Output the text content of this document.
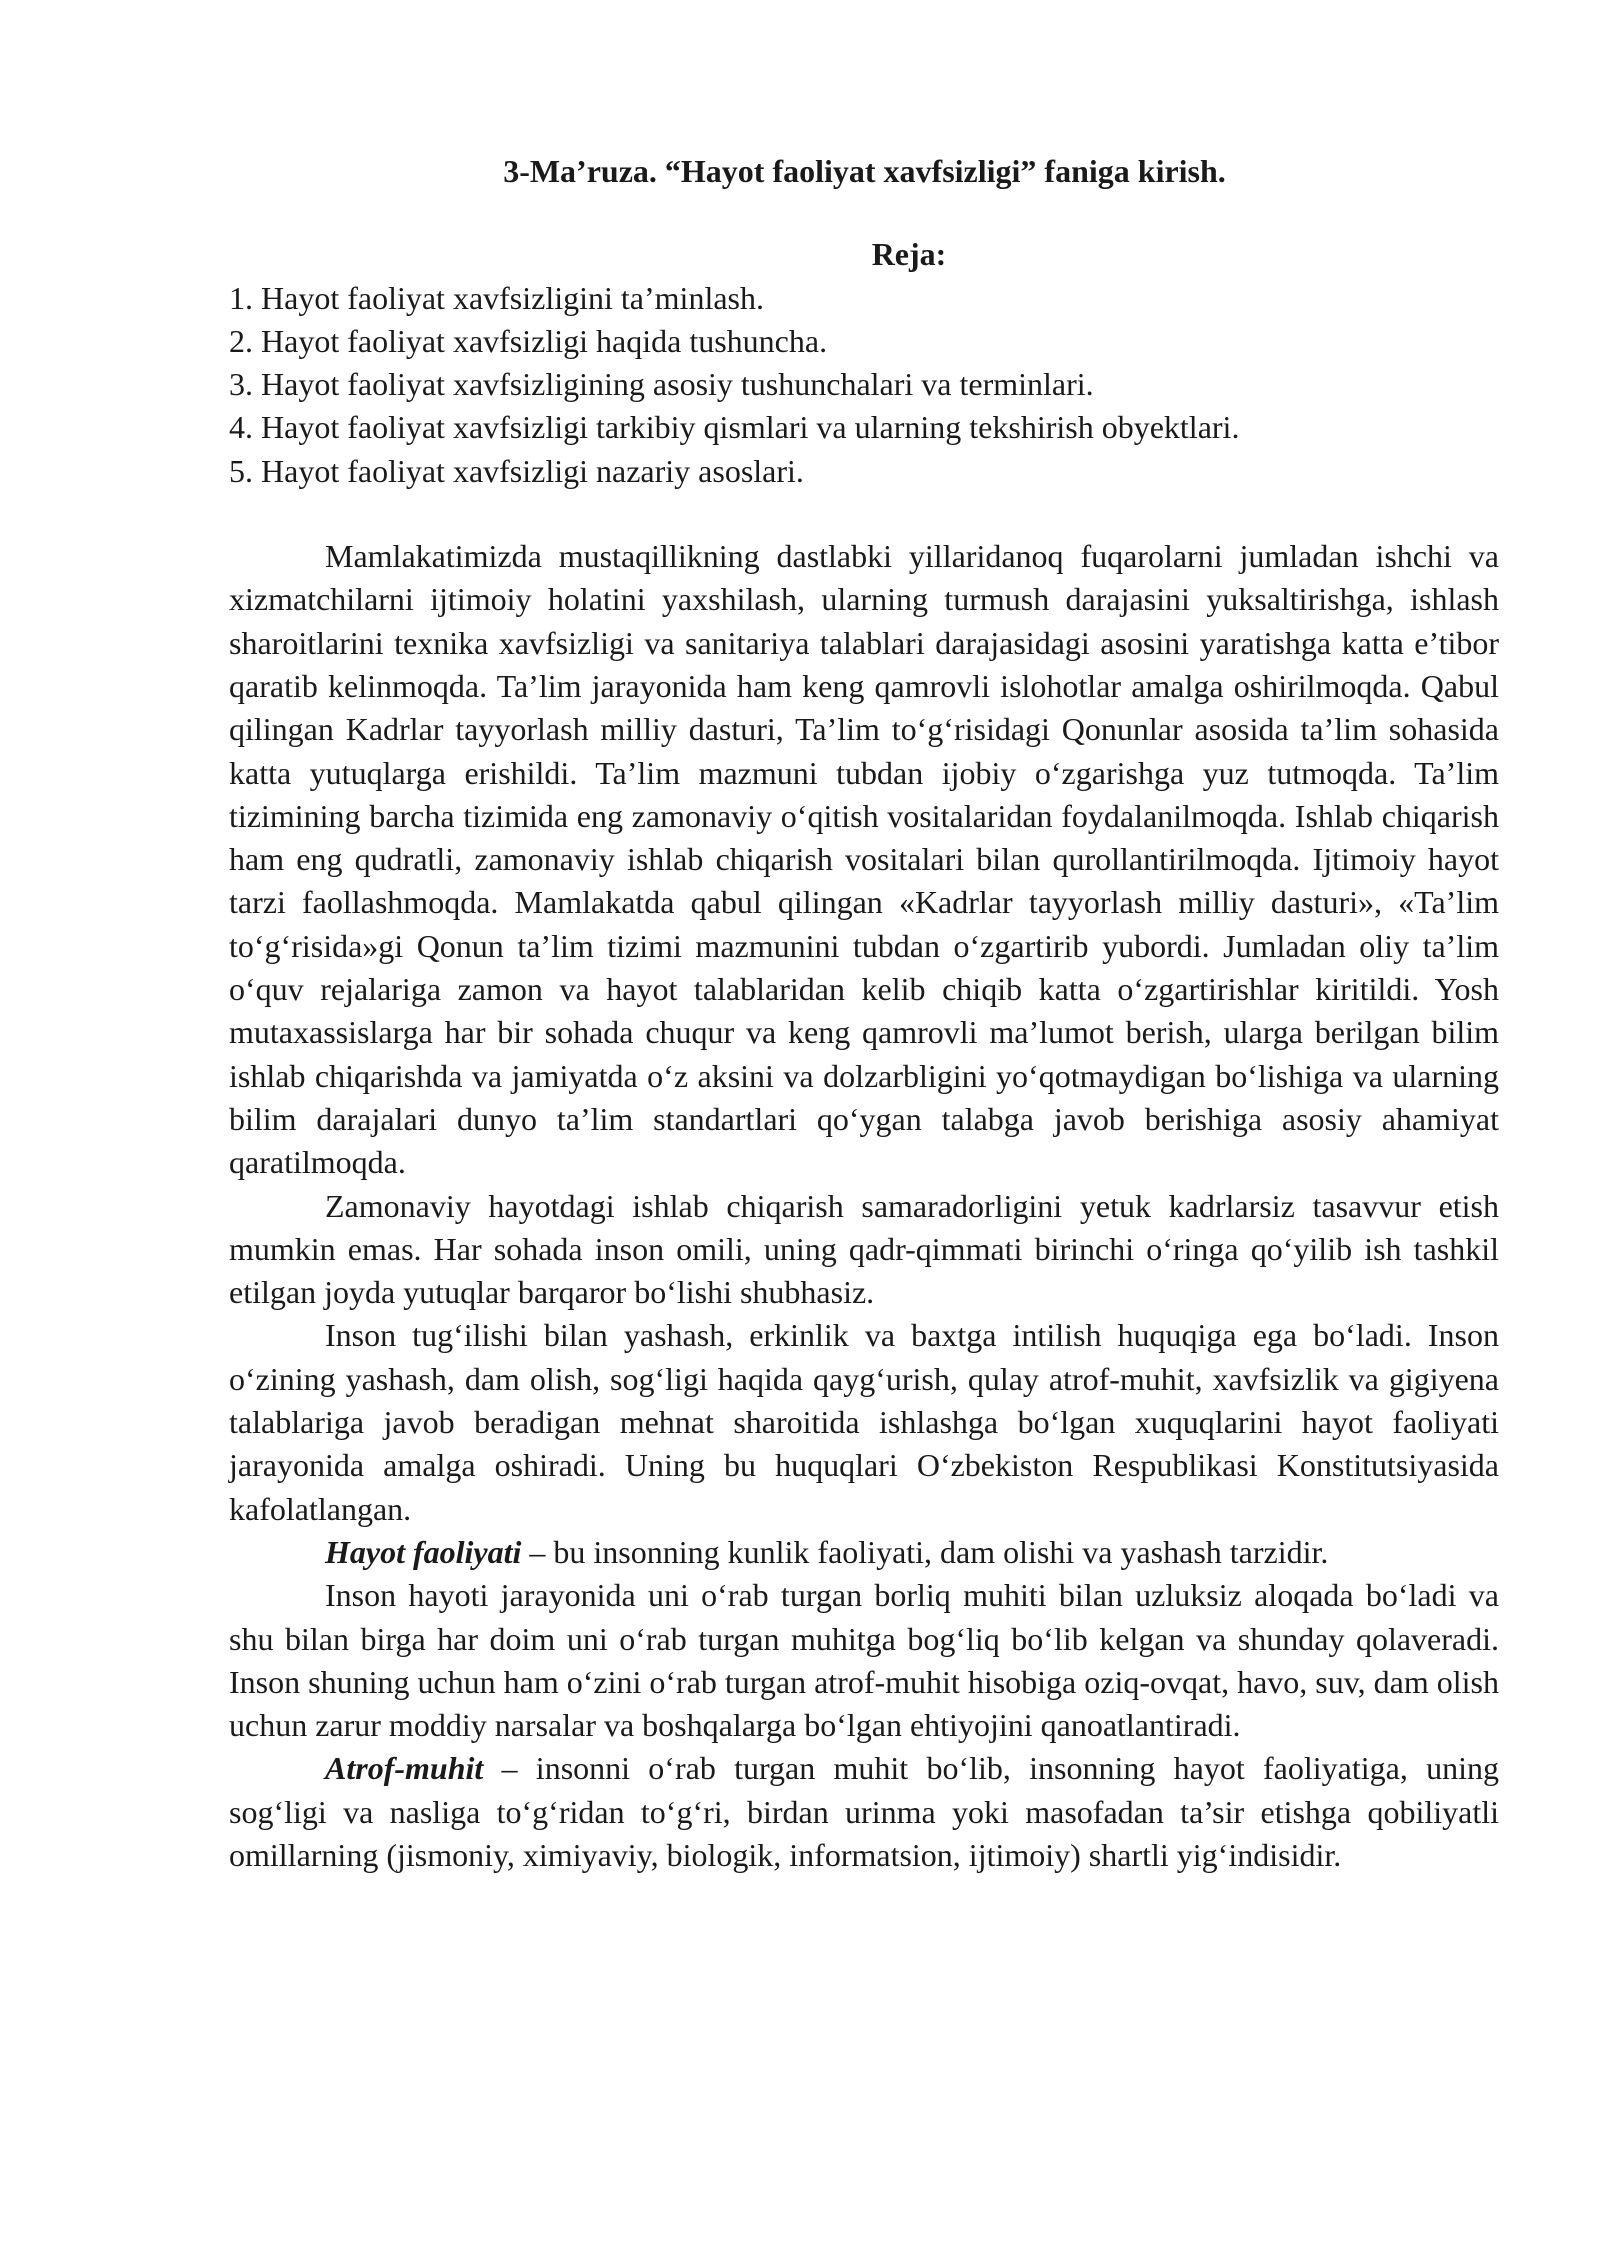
3-Ma’ruza. “Hayot faoliyat xavfsizligi” faniga kirish.
Reja:
1. Hayot faoliyat xavfsizligini ta’minlash.
2. Hayot faoliyat xavfsizligi haqida tushuncha.
3. Hayot faoliyat xavfsizligining asosiy tushunchalari va terminlari.
4. Hayot faoliyat xavfsizligi tarkibiy qismlari va ularning tekshirish obyektlari.
5. Hayot faoliyat xavfsizligi nazariy asoslari.

Mamlakatimizda mustaqillikning dastlabki yillaridanoq fuqarolarni jumladan ishchi va xizmatchilarni ijtimoiy holatini yaxshilash, ularning turmush darajasini yuksaltirishga, ishlash sharoitlarini texnika xavfsizligi va sanitariya talablari darajasidagi asosini yaratishga katta e’tibor qaratib kelinmoqda. Ta’lim jarayonida ham keng qamrovli islohotlar amalga oshirilmoqda. Qabul qilingan Kadrlar tayyorlash milliy dasturi, Ta’lim to‘g‘risidagi Qonunlar asosida ta’lim sohasida katta yutuqlarga erishildi. Ta’lim mazmuni tubdan ijobiy o‘zgarishga yuz tutmoqda. Ta’lim tizimining barcha tizimida eng zamonaviy o‘qitish vositalaridan foydalanilmoqda. Ishlab chiqarish ham eng qudratli, zamonaviy ishlab chiqarish vositalari bilan qurollantirilmoqda. Ijtimoiy hayot tarzi faollashmoqda. Mamlakatda qabul qilingan «Kadrlar tayyorlash milliy dasturi», «Ta’lim to‘g‘risida»gi Qonun ta’lim tizimi mazmunini tubdan o‘zgartirib yubordi. Jumladan oliy ta’lim o‘quv rejalariga zamon va hayot talablaridan kelib chiqib katta o‘zgartirishlar kiritildi. Yosh mutaxassislarga har bir sohada chuqur va keng qamrovli ma’lumot berish, ularga berilgan bilim ishlab chiqarishda va jamiyatda o‘z aksini va dolzarbligini yo‘qotmaydigan bo‘lishiga va ularning bilim darajalari dunyo ta’lim standartlari qo‘ygan talabga javob berishiga asosiy ahamiyat qaratilmoqda.

Zamonaviy hayotdagi ishlab chiqarish samaradorligini yetuk kadrlarsiz tasavvur etish mumkin emas. Har sohada inson omili, uning qadr-qimmati birinchi o‘ringa qo‘yilib ish tashkil etilgan joyda yutuqlar barqaror bo‘lishi shubhasiz.

Inson tug‘ilishi bilan yashash, erkinlik va baxtga intilish huquqiga ega bo‘ladi. Inson o‘zining yashash, dam olish, sog‘ligi haqida qayg‘urish, qulay atrof-muhit, xavfsizlik va gigiyena talablariga javob beradigan mehnat sharoitida ishlashga bo‘lgan xuquqlarini hayot faoliyati jarayonida amalga oshiradi. Uning bu huquqlari O‘zbekiston Respublikasi Konstitutsiyasida kafolatlangan.

Hayot faoliyati – bu insonning kunlik faoliyati, dam olishi va yashash tarzidir.

Inson hayoti jarayonida uni o‘rab turgan borliq muhiti bilan uzluksiz aloqada bo‘ladi va shu bilan birga har doim uni o‘rab turgan muhitga bog‘liq bo‘lib kelgan va shunday qolaveradi. Inson shuning uchun ham o‘zini o‘rab turgan atrof-muhit hisobiga oziq-ovqat, havo, suv, dam olish uchun zarur moddiy narsalar va boshqalarga bo‘lgan ehtiyojini qanoatlantiradi.

Atrof-muhit – insonni o‘rab turgan muhit bo‘lib, insonning hayot faoliyatiga, uning sog‘ligi va nasliga to‘g‘ridan to‘g‘ri, birdan urinma yoki masofadan ta’sir etishga qobiliyatli omillarning (jismoniy, ximiyaviy, biologik, informatsion, ijtimoiy) shartli yig‘indisidir.
